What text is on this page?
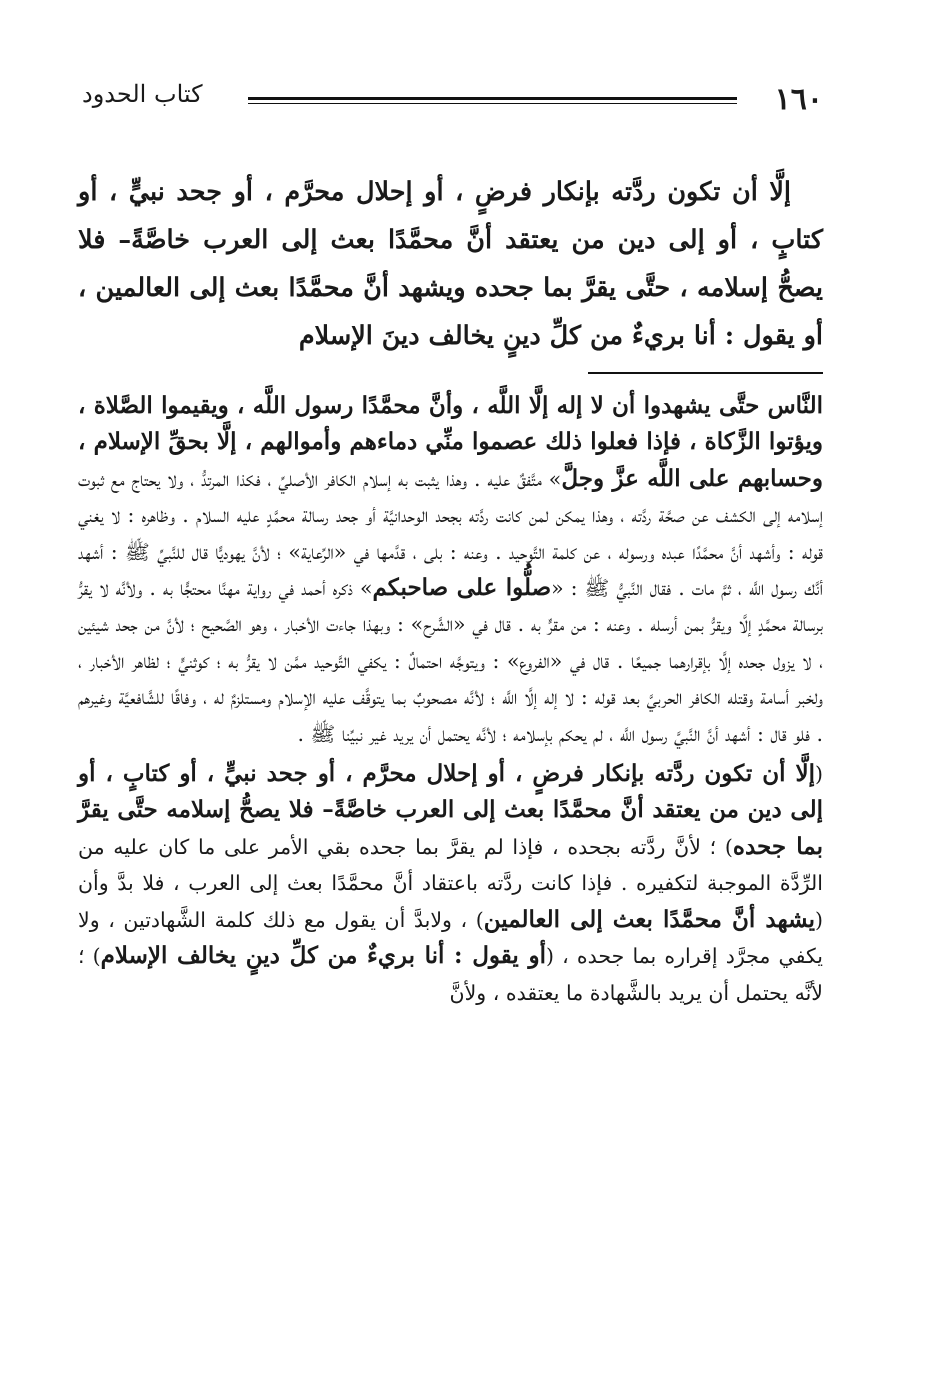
١٦٠
كتاب الحدود
إلَّا أن تكون ردَّته بإنكار فرضٍ ، أو إحلال محرَّم ، أو جحد نبيٍّ ، أو كتابٍ ، أو إلى دين من يعتقد أنَّ محمَّدًا بعث إلى العرب خاصَّةً– فلا يصحُّ إسلامه ، حتَّى يقرَّ بما جحده ويشهد أنَّ محمَّدًا بعث إلى العالمين ، أو يقول : أنا بريءٌ من كلِّ دينٍ يخالف دينَ الإسلام

النَّاس حتَّى يشهدوا أن لا إله إلَّا اللَّه ، وأنَّ محمَّدًا رسول اللَّه ، ويقيموا الصَّلاة ، ويؤتوا الزَّكاة ، فإذا فعلوا ذلك عصموا منِّي دماءهم وأموالهم ، إلَّا بحقِّ الإسلام ، وحسابهم على اللَّه عزَّ وجلَّ» متَّفقٌ عليه . وهذا يثبت به إسلام الكافر الأصليِّ ، فكذا المرتدُّ ، ولا يحتاج مع ثبوت إسلامه إلى الكشف عن صحَّة ردَّته ، وهذا يمكن لمن كانت ردَّته بجحد الوحدانيَّة أو جحد رسالة محمَّدٍ عليه السلام . وظاهره : لا يغني قوله : وأشهد أنَّ محمَّدًا عبده ورسوله ، عن كلمة التَّوحيد . وعنه : بلى ، قدَّمها في «الرِّعاية» ؛ لأنَّ يهوديًّا قال للنَّبيِّ ﷺ : أشهد أنَّك رسول اللَّه ، ثمَّ مات . فقال النَّبيُّ ﷺ : «صلُّوا على صاحبكم» ذكره أحمد في رواية مهنَّا محتجًّا به . ولأنَّه لا يقرُّ برسالة محمَّدٍ إلَّا ويقرُّ بمن أرسله . وعنه : من مقرٍّ به . قال في «الشَّرح» : وبهذا جاءت الأخبار ، وهو الصَّحيح ؛ لأنَّ من جحد شيئين ، لا يزول جحده إلَّا بإقرارهما جميعًا . قال في «الفروع» : ويتوجَّه احتمالٌ : يكفي التَّوحيد ممَّن لا يقرُّ به ؛ كوثنيٍّ ؛ لظاهر الأخبار ، ولخبر أسامة وقتله الكافر الحربيَّ بعد قوله : لا إله إلَّا اللَّه ؛ لأنَّه مصحوبٌ بما يتوقَّف عليه الإسلام ومستلزمٌ له ، وفاقًا للشَّافعيَّة وغيرهم . فلو قال : أشهد أنَّ النَّبيَّ رسول اللَّه ، لم يحكم بإسلامه ؛ لأنَّه يحتمل أن يريد غير نبيِّنا ﷺ .

(إلَّا أن تكون ردَّته بإنكار فرضٍ ، أو إحلال محرَّم ، أو جحد نبيٍّ ، أو كتابٍ ، أو إلى دين من يعتقد أنَّ محمَّدًا بعث إلى العرب خاصَّةً– فلا يصحُّ إسلامه حتَّى يقرَّ بما جحده) ؛ لأنَّ ردَّته بجحده ، فإذا لم يقرَّ بما جحده بقي الأمر على ما كان عليه من الرِّدَّة الموجبة لتكفيره . فإذا كانت ردَّته باعتقاد أنَّ محمَّدًا بعث إلى العرب ، فلا بدَّ وأن (يشهد أنَّ محمَّدًا بعث إلى العالمين) ، ولابدَّ أن يقول مع ذلك كلمة الشَّهادتين ، ولا يكفي مجرَّد إقراره بما جحده ، (أو يقول : أنا بريءٌ من كلِّ دينٍ يخالف الإسلام) ؛ لأنَّه يحتمل أن يريد بالشَّهادة ما يعتقده ، ولأنَّ
